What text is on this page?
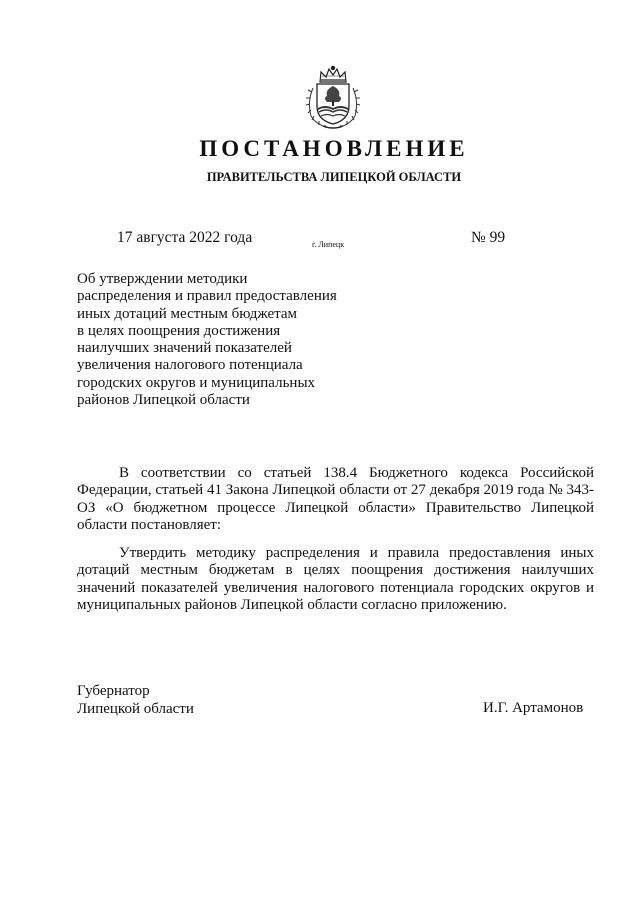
ПОСТАНОВЛЕНИЕ
ПРАВИТЕЛЬСТВА ЛИПЕЦКОЙ ОБЛАСТИ
17 августа 2022 года	г. Липецк	№ 99
Об утверждении методики
распределения и правил предоставления
иных дотаций местным бюджетам
в целях поощрения достижения
наилучших значений показателей
увеличения налогового потенциала
городских округов и муниципальных
районов Липецкой области

В соответствии со статьей 138.4 Бюджетного кодекса Российской Федерации, статьей 41 Закона Липецкой области от 27 декабря 2019 года № 343-ОЗ «О бюджетном процессе Липецкой области» Правительство Липецкой области постановляет:

Утвердить методику распределения и правила предоставления иных дотаций местным бюджетам в целях поощрения достижения наилучших значений показателей увеличения налогового потенциала городских округов и муниципальных районов Липецкой области согласно приложению.

Губернатор
Липецкой области	И.Г. Артамонов
